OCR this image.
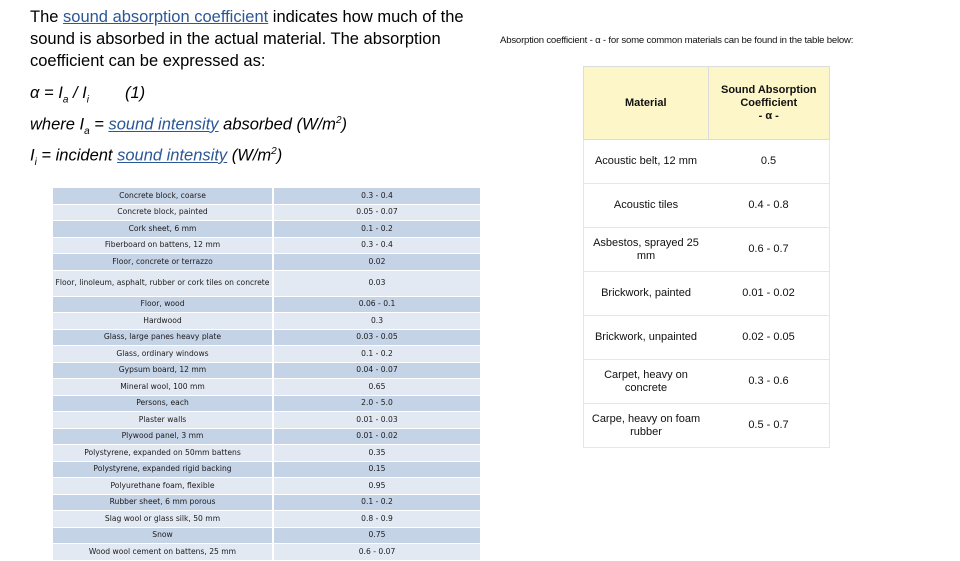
The sound absorption coefficient indicates how much of the sound is absorbed in the actual material. The absorption coefficient can be expressed as:
$\alpha = I_a / I_i$ (1)
where $I_a$ = sound intensity absorbed $(W/m^2)$
$I_i$ = incident sound intensity $(W/m^2)$
Concrete block, coarse	0.3 - 0.4
Concrete block, painted	0.05 - 0.07
Cork sheet, 6 mm	0.1 - 0.2
Fiberboard on battens, 12 mm	0.3 - 0.4
Floor, concrete or terrazzo	0.02
Floor, linoleum, asphalt, rubber or cork tiles on concrete	0.03
Floor, wood	0.06 - 0.1
Hardwood	0.3
Glass, large panes heavy plate	0.03 - 0.05
Glass, ordinary windows	0.1 - 0.2
Gypsum board, 12 mm	0.04 - 0.07
Mineral wool, 100 mm	0.65
Persons, each	2.0 - 5.0
Plaster walls	0.01 - 0.03
Plywood panel, 3 mm	0.01 - 0.02
Polystyrene, expanded on 50mm battens	0.35
Polystyrene, expanded rigid backing	0.15
Polyurethane foam, flexible	0.95
Rubber sheet, 6 mm porous	0.1 - 0.2
Slag wool or glass silk, 50 mm	0.8 - 0.9
Snow	0.75
Wood wool cement on battens, 25 mm	0.6 - 0.07
Absorption coefficient - α - for some common materials can be found in the table below:
Material	Sound Absorption
Coefficient
- α -

Acoustic belt, 12 mm	0.5
Acoustic tiles	0.4 - 0.8
Asbestos, sprayed 25 mm	0.6 - 0.7
Brickwork, painted	0.01 - 0.02
Brickwork, unpainted	0.02 - 0.05
Carpet, heavy on concrete	0.3 - 0.6
Carpe, heavy on foam rubber	0.5 - 0.7
